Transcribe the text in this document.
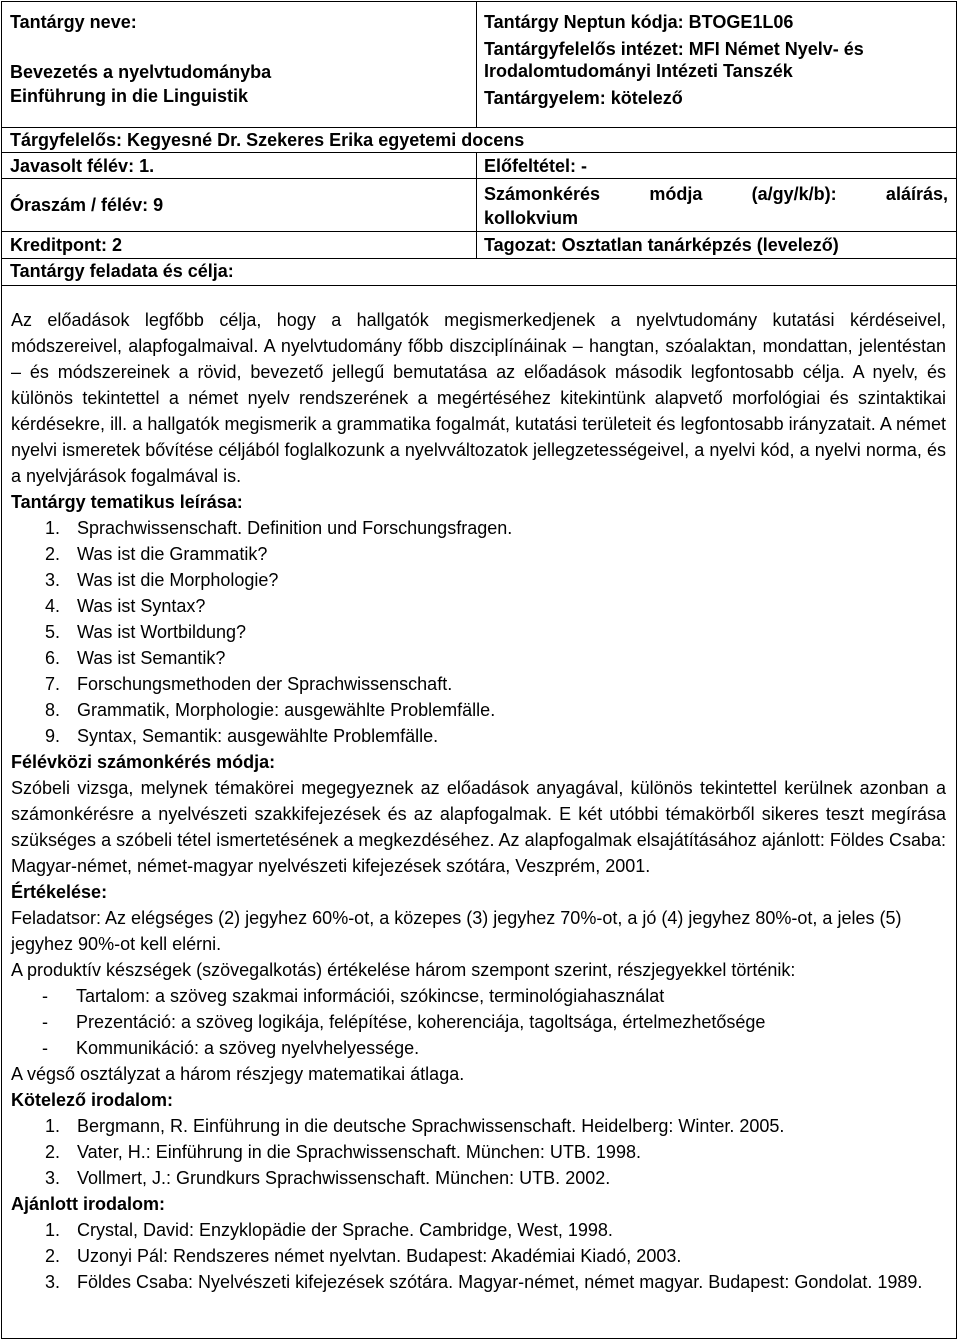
Tantárgy neve:
Bevezetés a nyelvtudományba
Einführung in die Linguistik
Tantárgy Neptun kódja: BTOGE1L06
Tantárgyfelelős intézet: MFI Német Nyelv- és
Irodalomtudományi Intézeti Tanszék
Tantárgyelem: kötelező
Tárgyfelelős: Kegyesné Dr. Szekeres Erika egyetemi docens
Javasolt félév: 1.	Előfeltétel: -
Óraszám / félév: 9
Számonkérés módja (a/gy/k/b): aláírás,
kollokvium
Kreditpont: 2	Tagozat: Osztatlan tanárképzés (levelező)
Tantárgy feladata és célja:
Az előadások legfőbb célja, hogy a hallgatók megismerkedjenek a nyelvtudomány kutatási kérdéseivel, módszereivel, alapfogalmaival. A nyelvtudomány főbb diszciplínáinak – hangtan, szóalaktan, mondattan, jelentéstan – és módszereinek a rövid, bevezető jellegű bemutatása az előadások második legfontosabb célja. A nyelv, és különös tekintettel a német nyelv rendszerének a megértéséhez kitekintünk alapvető morfológiai és szintaktikai kérdésekre, ill. a hallgatók megismerik a grammatika fogalmát, kutatási területeit és legfontosabb irányzatait. A német nyelvi ismeretek bővítése céljából foglalkozunk a nyelvváltozatok jellegzetességeivel, a nyelvi kód, a nyelvi norma, és a nyelvjárások fogalmával is.
Tantárgy tematikus leírása:
1. Sprachwissenschaft. Definition und Forschungsfragen.
2. Was ist die Grammatik?
3. Was ist die Morphologie?
4. Was ist Syntax?
5. Was ist Wortbildung?
6. Was ist Semantik?
7. Forschungsmethoden der Sprachwissenschaft.
8. Grammatik, Morphologie: ausgewählte Problemfälle.
9. Syntax, Semantik: ausgewählte Problemfälle.
Félévközi számonkérés módja:
Szóbeli vizsga, melynek témakörei megegyeznek az előadások anyagával, különös tekintettel kerülnek azonban a számonkérésre a nyelvészeti szakkifejezések és az alapfogalmak. E két utóbbi témakörből sikeres teszt megírása szükséges a szóbeli tétel ismertetésének a megkezdéséhez. Az alapfogalmak elsajátításához ajánlott: Földes Csaba: Magyar-német, német-magyar nyelvészeti kifejezések szótára, Veszprém, 2001.
Értékelése:
Feladatsor: Az elégséges (2) jegyhez 60%-ot, a közepes (3) jegyhez 70%-ot, a jó (4) jegyhez 80%-ot, a jeles (5) jegyhez 90%-ot kell elérni.
A produktív készségek (szövegalkotás) értékelése három szempont szerint, részjegyekkel történik:
- Tartalom: a szöveg szakmai információi, szókincse, terminológiahasználat
- Prezentáció: a szöveg logikája, felépítése, koherenciája, tagoltsága, értelmezhetősége
- Kommunikáció: a szöveg nyelvhelyessége.
A végső osztályzat a három részjegy matematikai átlaga.
Kötelező irodalom:
1. Bergmann, R. Einführung in die deutsche Sprachwissenschaft. Heidelberg: Winter. 2005.
2. Vater, H.: Einführung in die Sprachwissenschaft. München: UTB. 1998.
3. Vollmert, J.: Grundkurs Sprachwissenschaft. München: UTB. 2002.
Ajánlott irodalom:
1. Crystal, David: Enzyklopädie der Sprache. Cambridge, West, 1998.
2. Uzonyi Pál: Rendszeres német nyelvtan. Budapest: Akadémiai Kiadó, 2003.
3. Földes Csaba: Nyelvészeti kifejezések szótára. Magyar-német, német magyar. Budapest: Gondolat. 1989.
